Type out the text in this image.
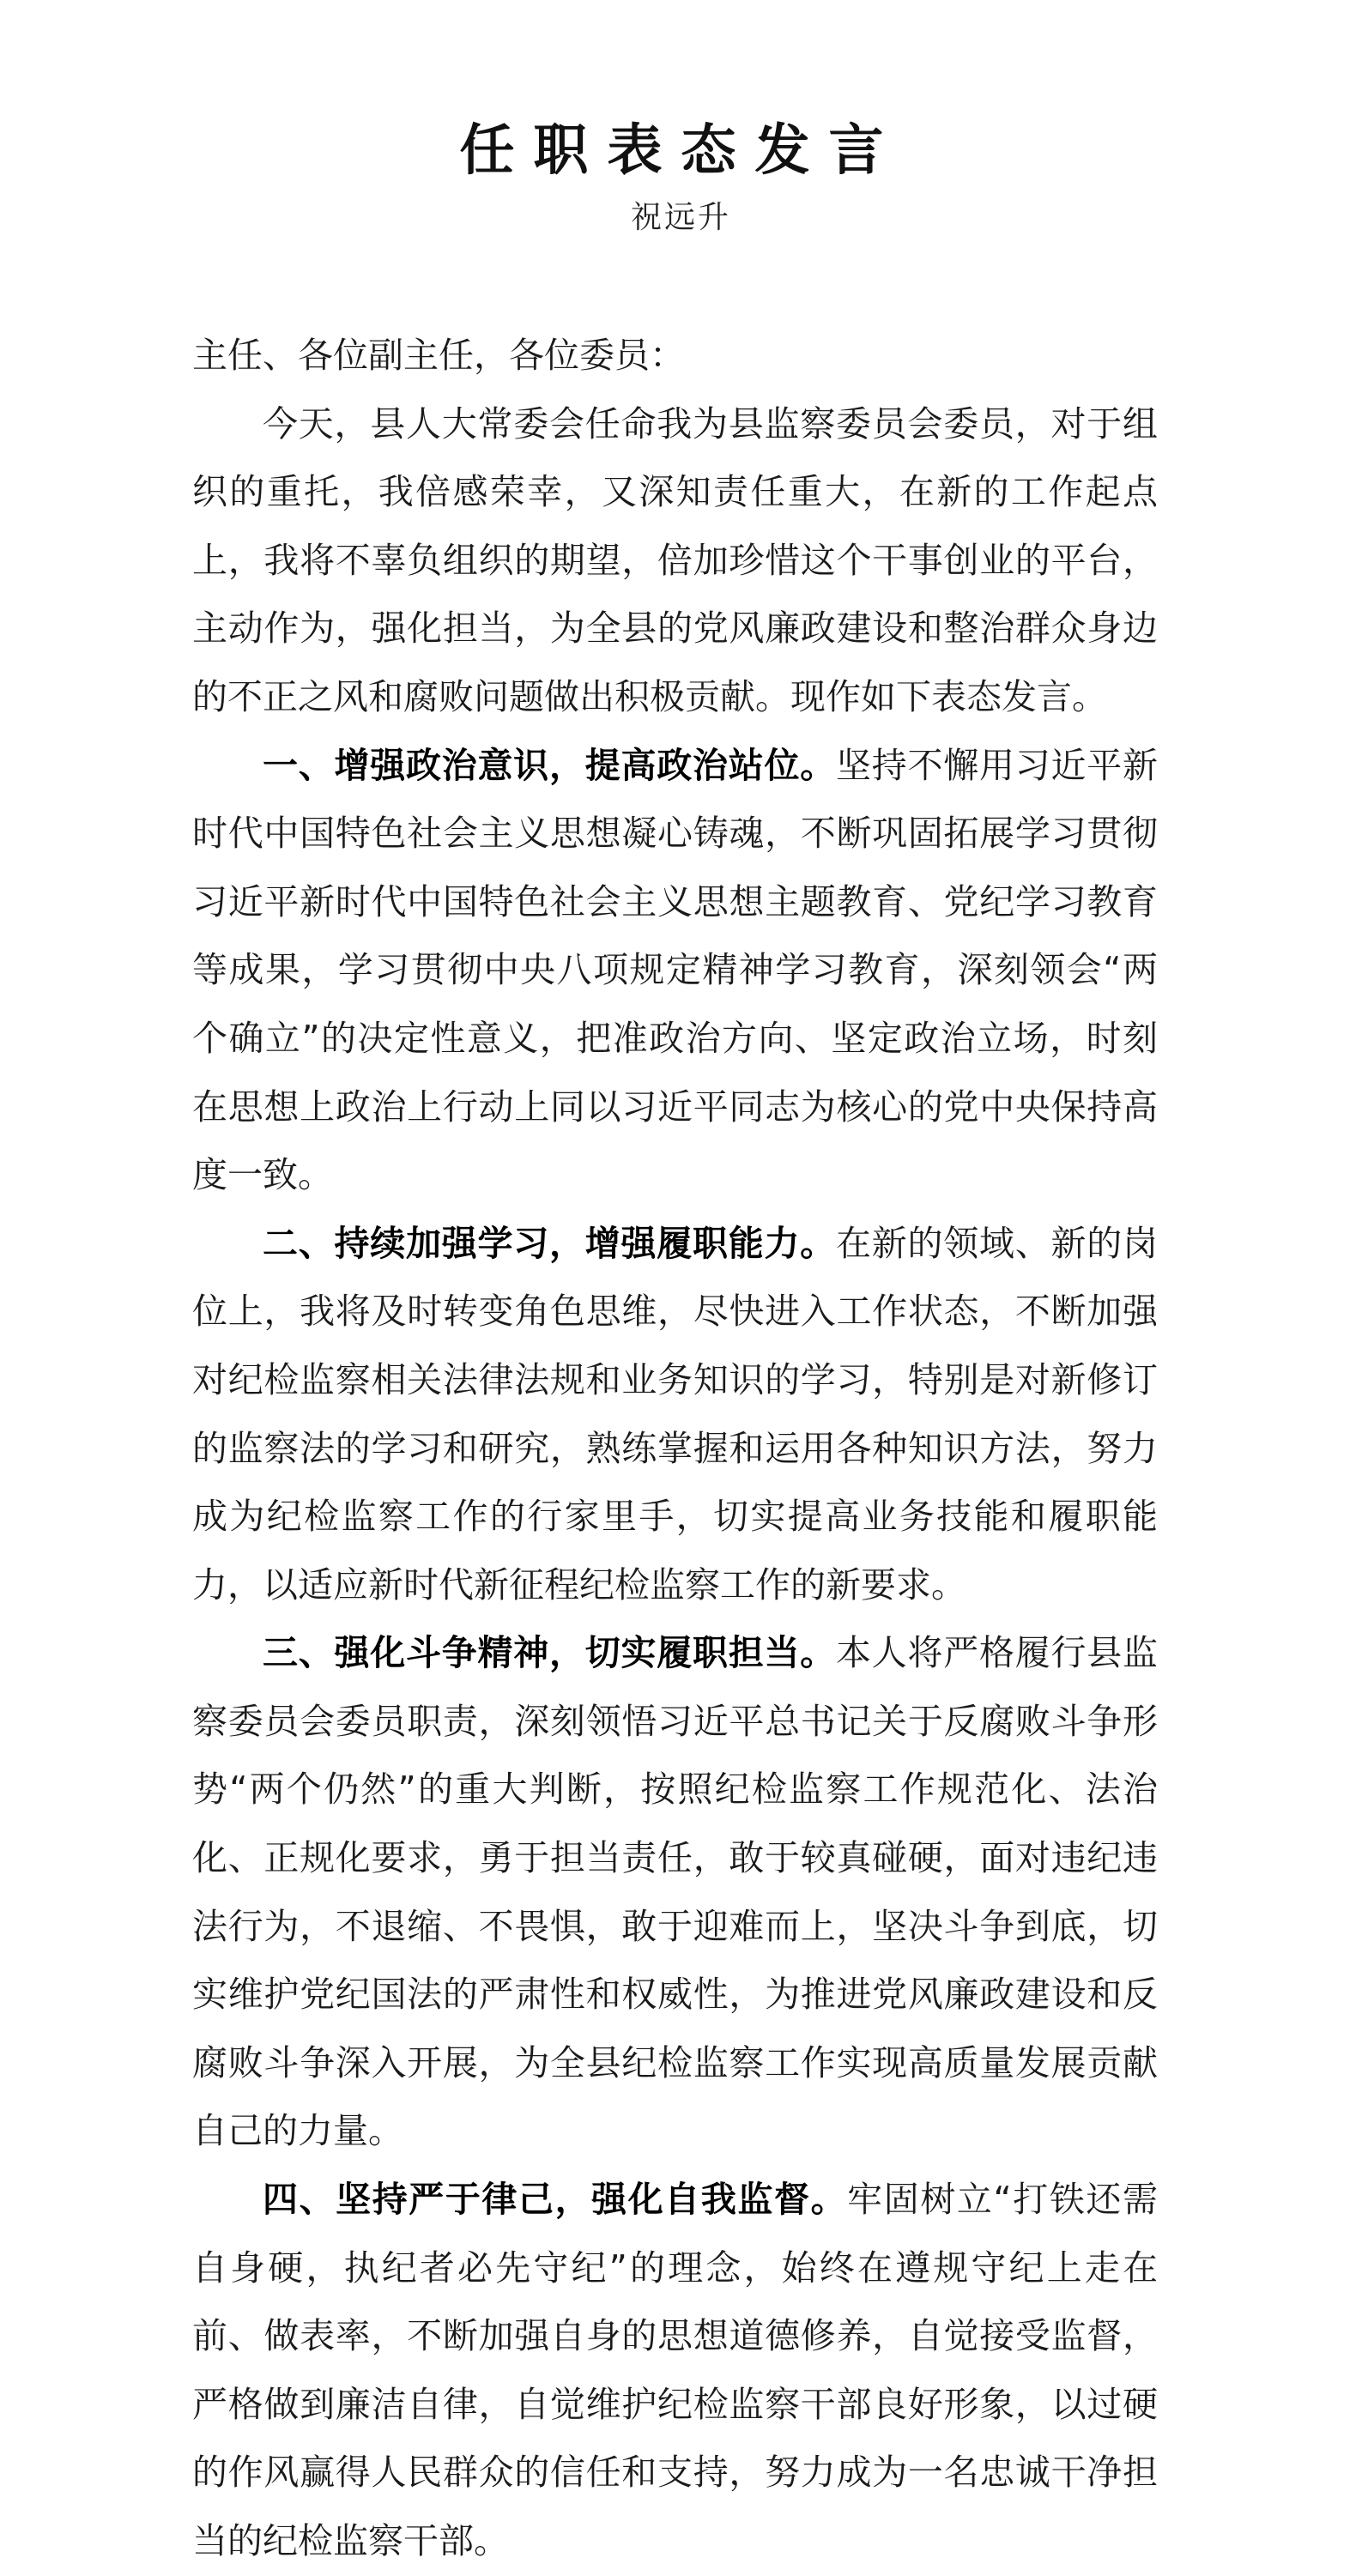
任职表态发言
祝远升

主任、各位副主任，各位委员：

今天，县人大常委会任命我为县监察委员会委员，对于组织的重托，我倍感荣幸，又深知责任重大，在新的工作起点上，我将不辜负组织的期望，倍加珍惜这个干事创业的平台，主动作为，强化担当，为全县的党风廉政建设和整治群众身边的不正之风和腐败问题做出积极贡献。现作如下表态发言。

一、增强政治意识，提高政治站位。坚持不懈用习近平新时代中国特色社会主义思想凝心铸魂，不断巩固拓展学习贯彻习近平新时代中国特色社会主义思想主题教育、党纪学习教育等成果，学习贯彻中央八项规定精神学习教育，深刻领会“两个确立”的决定性意义，把准政治方向、坚定政治立场，时刻在思想上政治上行动上同以习近平同志为核心的党中央保持高度一致。

二、持续加强学习，增强履职能力。在新的领域、新的岗位上，我将及时转变角色思维，尽快进入工作状态，不断加强对纪检监察相关法律法规和业务知识的学习，特别是对新修订的监察法的学习和研究，熟练掌握和运用各种知识方法，努力成为纪检监察工作的行家里手，切实提高业务技能和履职能力，以适应新时代新征程纪检监察工作的新要求。

三、强化斗争精神，切实履职担当。本人将严格履行县监察委员会委员职责，深刻领悟习近平总书记关于反腐败斗争形势“两个仍然”的重大判断，按照纪检监察工作规范化、法治化、正规化要求，勇于担当责任，敢于较真碰硬，面对违纪违法行为，不退缩、不畏惧，敢于迎难而上，坚决斗争到底，切实维护党纪国法的严肃性和权威性，为推进党风廉政建设和反腐败斗争深入开展，为全县纪检监察工作实现高质量发展贡献自己的力量。

四、坚持严于律己，强化自我监督。牢固树立“打铁还需自身硬，执纪者必先守纪”的理念，始终在遵规守纪上走在前、做表率，不断加强自身的思想道德修养，自觉接受监督，严格做到廉洁自律，自觉维护纪检监察干部良好形象，以过硬的作风赢得人民群众的信任和支持，努力成为一名忠诚干净担当的纪检监察干部。
